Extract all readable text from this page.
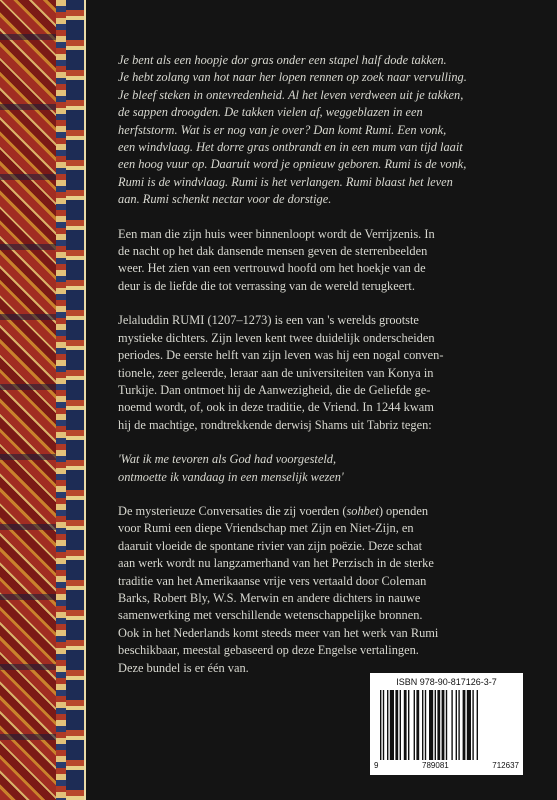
Je bent als een hoopje dor gras onder een stapel half dode takken.
Je hebt zolang van hot naar her lopen rennen op zoek naar vervulling.
Je bleef steken in ontevredenheid. Al het leven verdween uit je takken,
de sappen droogden. De takken vielen af, weggeblazen in een
herfststorm. Wat is er nog van je over? Dan komt Rumi. Een vonk,
een windvlaag. Het dorre gras ontbrandt en in een mum van tijd laait
een hoog vuur op. Daaruit word je opnieuw geboren. Rumi is de vonk,
Rumi is de windvlaag. Rumi is het verlangen. Rumi blaast het leven
aan. Rumi schenkt nectar voor de dorstige.

Een man die zijn huis weer binnenloopt wordt de Verrijzenis. In
de nacht op het dak dansende mensen geven de sterrenbeelden
weer. Het zien van een vertrouwd hoofd om het hoekje van de
deur is de liefde die tot verrassing van de wereld terugkeert.

Jelaluddin RUMI (1207–1273) is een van 's werelds grootste
mystieke dichters. Zijn leven kent twee duidelijk onderscheiden
periodes. De eerste helft van zijn leven was hij een nogal conven-
tionele, zeer geleerde, leraar aan de universiteiten van Konya in
Turkije. Dan ontmoet hij de Aanwezigheid, die de Geliefde ge-
noemd wordt, of, ook in deze traditie, de Vriend. In 1244 kwam
hij de machtige, rondtrekkende derwisj Shams uit Tabriz tegen:

'Wat ik me tevoren als God had voorgesteld,
ontmoette ik vandaag in een menselijk wezen'

De mysterieuze Conversaties die zij voerden (sohbet) openden
voor Rumi een diepe Vriendschap met Zijn en Niet-Zijn, en
daaruit vloeide de spontane rivier van zijn poëzie. Deze schat
aan werk wordt nu langzamerhand van het Perzisch in de sterke
traditie van het Amerikaanse vrije vers vertaald door Coleman
Barks, Robert Bly, W.S. Merwin en andere dichters in nauwe
samenwerking met verschillende wetenschappelijke bronnen.
Ook in het Nederlands komt steeds meer van het werk van Rumi
beschikbaar, meestal gebaseerd op deze Engelse vertalingen.
Deze bundel is er één van.

ISBN 978-90-817126-3-7
9	789081	712637
